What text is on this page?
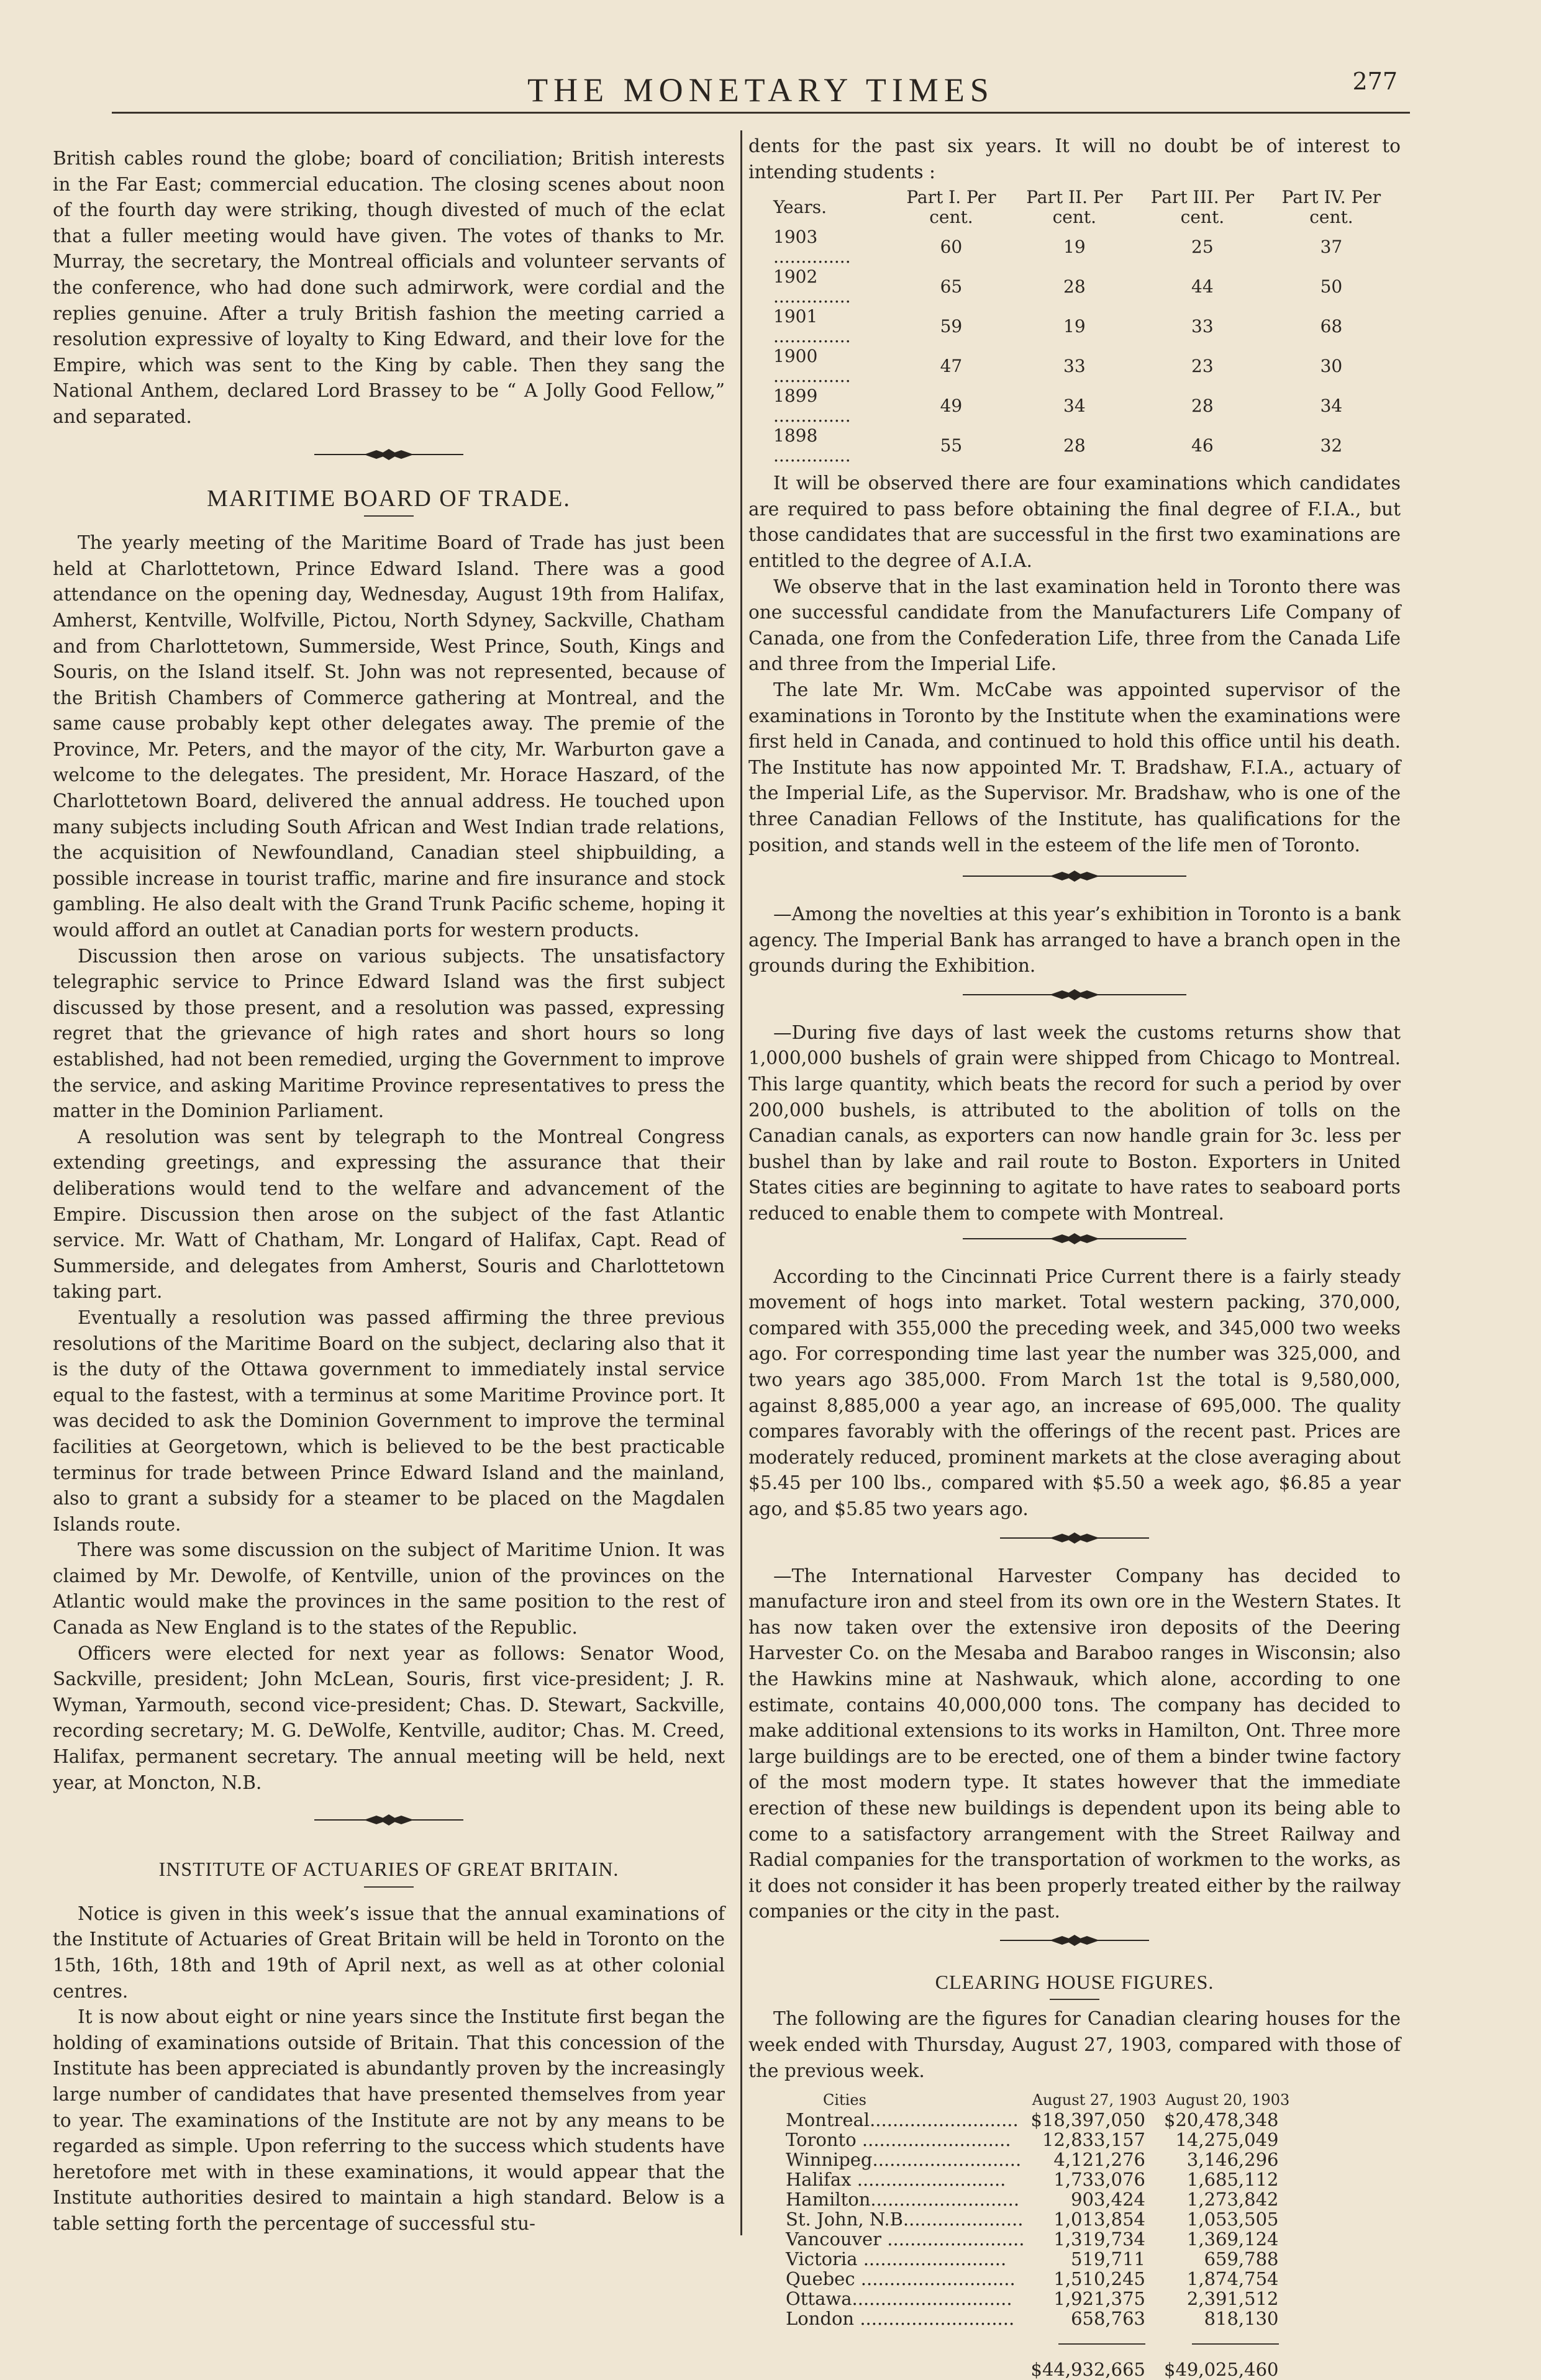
THE MONETARY TIMES	277

British cables round the globe; board of conciliation; British interests in the Far East; commercial education. The closing scenes about noon of the fourth day were striking, though divested of much of the eclat that a fuller meeting would have given. The votes of thanks to Mr. Murray, the secretary, the Montreal officials and volunteer servants of the conference, who had done such admirwork, were cordial and the replies genuine. After a truly British fashion the meeting carried a resolution expressive of loyalty to King Edward, and their love for the Empire, which was sent to the King by cable. Then they sang the National Anthem, declared Lord Brassey to be “ A Jolly Good Fellow,” and separated.

MARITIME BOARD OF TRADE.

The yearly meeting of the Maritime Board of Trade has just been held at Charlottetown, Prince Edward Island. There was a good attendance on the opening day, Wednesday, August 19th from Halifax, Amherst, Kentville, Wolfville, Pictou, North Sdyney, Sackville, Chatham and from Charlottetown, Summerside, West Prince, South, Kings and Souris, on the Island itself. St. John was not represented, because of the British Chambers of Commerce gathering at Montreal, and the same cause probably kept other delegates away. The premie of the Province, Mr. Peters, and the mayor of the city, Mr. Warburton gave a welcome to the delegates. The president, Mr. Horace Haszard, of the Charlottetown Board, delivered the annual address. He touched upon many subjects including South African and West Indian trade relations, the acquisition of Newfoundland, Canadian steel shipbuilding, a possible increase in tourist traffic, marine and fire insurance and stock gambling. He also dealt with the Grand Trunk Pacific scheme, hoping it would afford an outlet at Canadian ports for western products.

Discussion then arose on various subjects. The unsatisfactory telegraphic service to Prince Edward Island was the first subject discussed by those present, and a resolution was passed, expressing regret that the grievance of high rates and short hours so long established, had not been remedied, urging the Government to improve the service, and asking Maritime Province representatives to press the matter in the Dominion Parliament.

A resolution was sent by telegraph to the Montreal Congress extending greetings, and expressing the assurance that their deliberations would tend to the welfare and advancement of the Empire. Discussion then arose on the subject of the fast Atlantic service. Mr. Watt of Chatham, Mr. Longard of Halifax, Capt. Read of Summerside, and delegates from Amherst, Souris and Charlottetown taking part.

Eventually a resolution was passed affirming the three previous resolutions of the Maritime Board on the subject, declaring also that it is the duty of the Ottawa government to immediately instal service equal to the fastest, with a terminus at some Maritime Province port. It was decided to ask the Dominion Government to improve the terminal facilities at Georgetown, which is believed to be the best practicable terminus for trade between Prince Edward Island and the mainland, also to grant a subsidy for a steamer to be placed on the Magdalen Islands route.

There was some discussion on the subject of Maritime Union. It was claimed by Mr. Dewolfe, of Kentville, union of the provinces on the Atlantic would make the provinces in the same position to the rest of Canada as New England is to the states of the Republic.

Officers were elected for next year as follows: Senator Wood, Sackville, president; John McLean, Souris, first vice-president; J. R. Wyman, Yarmouth, second vice-president; Chas. D. Stewart, Sackville, recording secretary; M. G. DeWolfe, Kentville, auditor; Chas. M. Creed, Halifax, permanent secretary. The annual meeting will be held, next year, at Moncton, N.B.

INSTITUTE OF ACTUARIES OF GREAT BRITAIN.

Notice is given in this week’s issue that the annual examinations of the Institute of Actuaries of Great Britain will be held in Toronto on the 15th, 16th, 18th and 19th of April next, as well as at other colonial centres.

It is now about eight or nine years since the Institute first began the holding of examinations outside of Britain. That this concession of the Institute has been appreciated is abundantly proven by the increasingly large number of candidates that have presented themselves from year to year. The examinations of the Institute are not by any means to be regarded as simple. Upon referring to the success which students have heretofore met with in these examinations, it would appear that the Institute authorities desired to maintain a high standard. Below is a table setting forth the percentage of successful stu-

dents for the past six years. It will no doubt be of interest to intending students :

Years.	Part I. Per cent.	Part II. Per cent.	Part III. Per cent.	Part IV. Per cent.
1903 ..............	60	19	25	37
1902 ..............	65	28	44	50
1901 ..............	59	19	33	68
1900 ..............	47	33	23	30
1899 ..............	49	34	28	34
1898 ..............	55	28	46	32

It will be observed there are four examinations which candidates are required to pass before obtaining the final degree of F.I.A., but those candidates that are successful in the first two examinations are entitled to the degree of A.I.A.

We observe that in the last examination held in Toronto there was one successful candidate from the Manufacturers Life Company of Canada, one from the Confederation Life, three from the Canada Life and three from the Imperial Life.

The late Mr. Wm. McCabe was appointed supervisor of the examinations in Toronto by the Institute when the examinations were first held in Canada, and continued to hold this office until his death. The Institute has now appointed Mr. T. Bradshaw, F.I.A., actuary of the Imperial Life, as the Supervisor. Mr. Bradshaw, who is one of the three Canadian Fellows of the Institute, has qualifications for the position, and stands well in the esteem of the life men of Toronto.

—Among the novelties at this year’s exhibition in Toronto is a bank agency. The Imperial Bank has arranged to have a branch open in the grounds during the Exhibition.

—During five days of last week the customs returns show that 1,000,000 bushels of grain were shipped from Chicago to Montreal. This large quantity, which beats the record for such a period by over 200,000 bushels, is attributed to the abolition of tolls on the Canadian canals, as exporters can now handle grain for 3c. less per bushel than by lake and rail route to Boston. Exporters in United States cities are beginning to agitate to have rates to seaboard ports reduced to enable them to compete with Montreal.

According to the Cincinnati Price Current there is a fairly steady movement of hogs into market. Total western packing, 370,000, compared with 355,000 the preceding week, and 345,000 two weeks ago. For corresponding time last year the number was 325,000, and two years ago 385,000. From March 1st the total is 9,580,000, against 8,885,000 a year ago, an increase of 695,000. The quality compares favorably with the offerings of the recent past. Prices are moderately reduced, prominent markets at the close averaging about $5.45 per 100 lbs., compared with $5.50 a week ago, $6.85 a year ago, and $5.85 two years ago.

—The International Harvester Company has decided to manufacture iron and steel from its own ore in the Western States. It has now taken over the extensive iron deposits of the Deering Harvester Co. on the Mesaba and Baraboo ranges in Wisconsin; also the Hawkins mine at Nashwauk, which alone, according to one estimate, contains 40,000,000 tons. The company has decided to make additional extensions to its works in Hamilton, Ont. Three more large buildings are to be erected, one of them a binder twine factory of the most modern type. It states however that the immediate erection of these new buildings is dependent upon its being able to come to a satisfactory arrangement with the Street Railway and Radial companies for the transportation of workmen to the works, as it does not consider it has been properly treated either by the railway companies or the city in the past.

CLEARING HOUSE FIGURES.

The following are the figures for Canadian clearing houses for the week ended with Thursday, August 27, 1903, compared with those of the previous week.

Cities	August 27, 1903	August 20, 1903
Montreal..........................	$18,397,050	$20,478,348
Toronto ..........................	12,833,157	14,275,049
Winnipeg..........................	4,121,276	3,146,296
Halifax ..........................	1,733,076	1,685,112
Hamilton..........................	903,424	1,273,842
St. John, N.B.....................	1,013,854	1,053,505
Vancouver ........................	1,319,734	1,369,124
Victoria .........................	519,711	659,788
Quebec ...........................	1,510,245	1,874,754
Ottawa............................	1,921,375	2,391,512
London ...........................	658,763	818,130

	$44,932,665	$49,025,460
